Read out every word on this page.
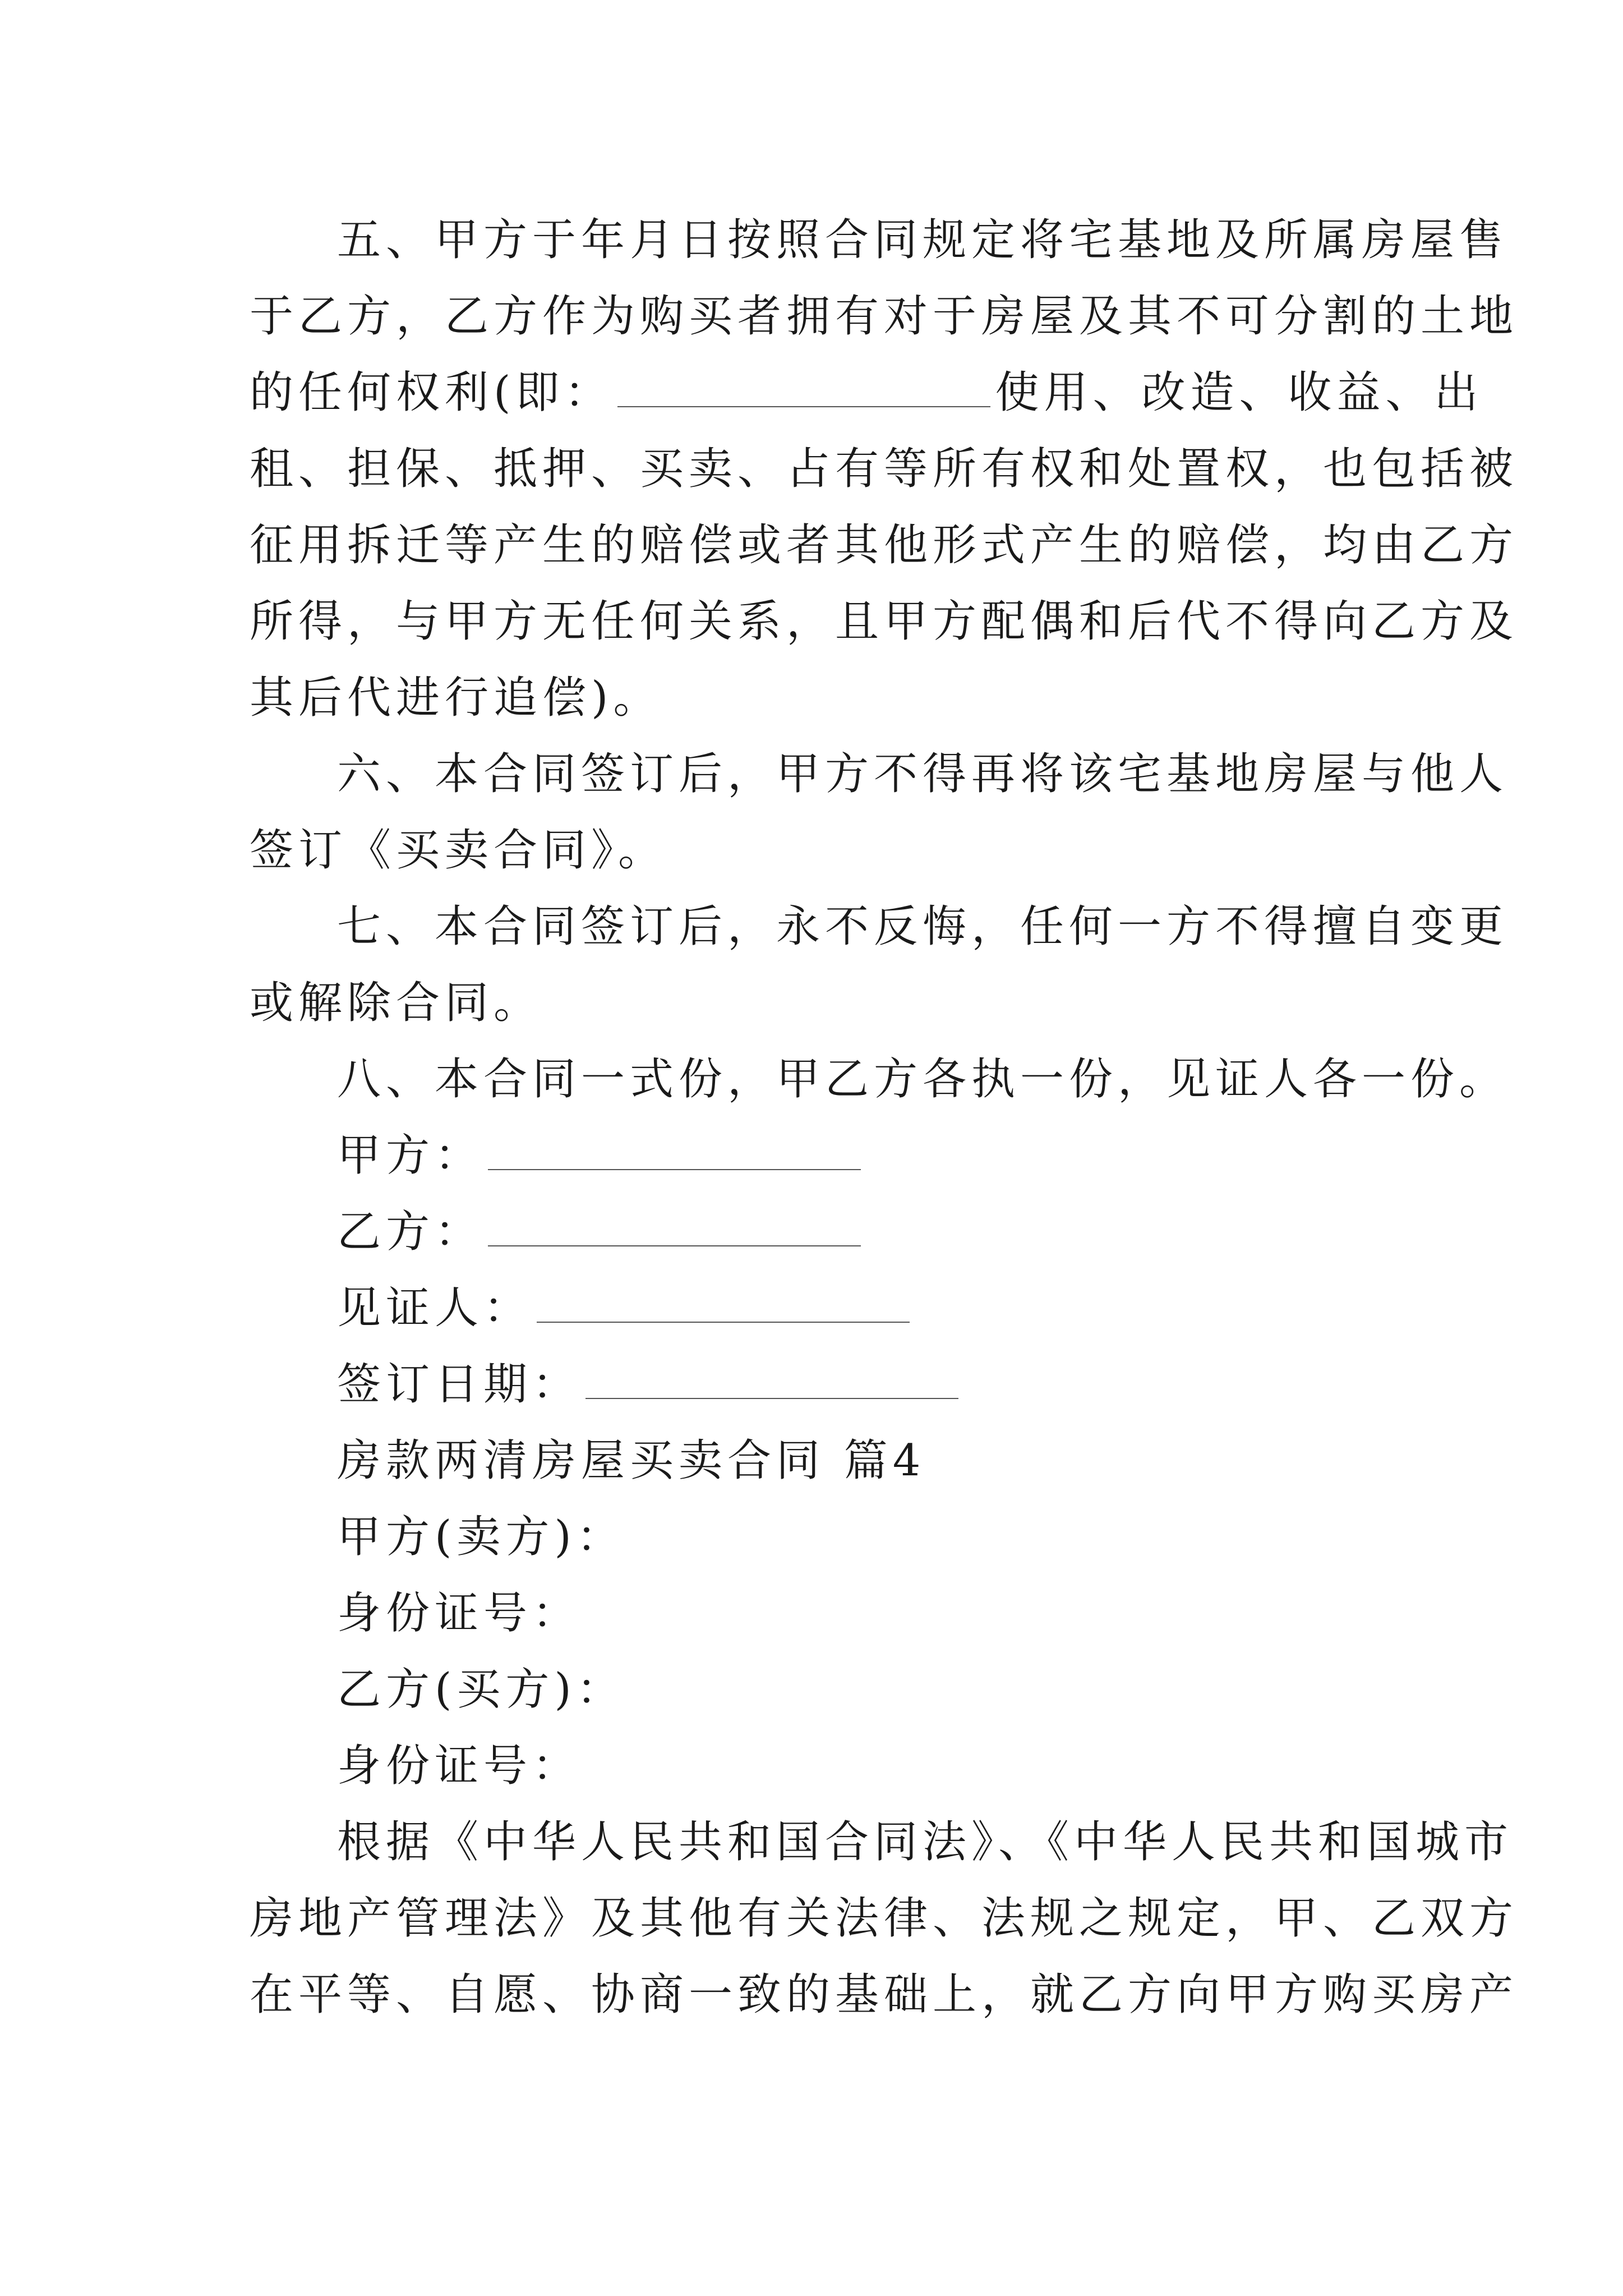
五、甲方于年月日按照合同规定将宅基地及所属房屋售
于乙方，乙方作为购买者拥有对于房屋及其不可分割的土地
的任何权利(即：	使用、改造、收益、出
租、担保、抵押、买卖、占有等所有权和处置权，也包括被
征用拆迁等产生的赔偿或者其他形式产生的赔偿，均由乙方
所得，与甲方无任何关系，且甲方配偶和后代不得向乙方及
其后代进行追偿)。
六、本合同签订后，甲方不得再将该宅基地房屋与他人
签订《买卖合同》。
七、本合同签订后，永不反悔，任何一方不得擅自变更
或解除合同。
八、本合同一式份，甲乙方各执一份，见证人各一份。
甲方：
乙方：
见证人：
签订日期：
房款两清房屋买卖合同 篇4
甲方(卖方)：
身份证号：
乙方(买方)：
身份证号：
根据《中华人民共和国合同法》、《中华人民共和国城市
房地产管理法》及其他有关法律、法规之规定，甲、乙双方
在平等、自愿、协商一致的基础上，就乙方向甲方购买房产
